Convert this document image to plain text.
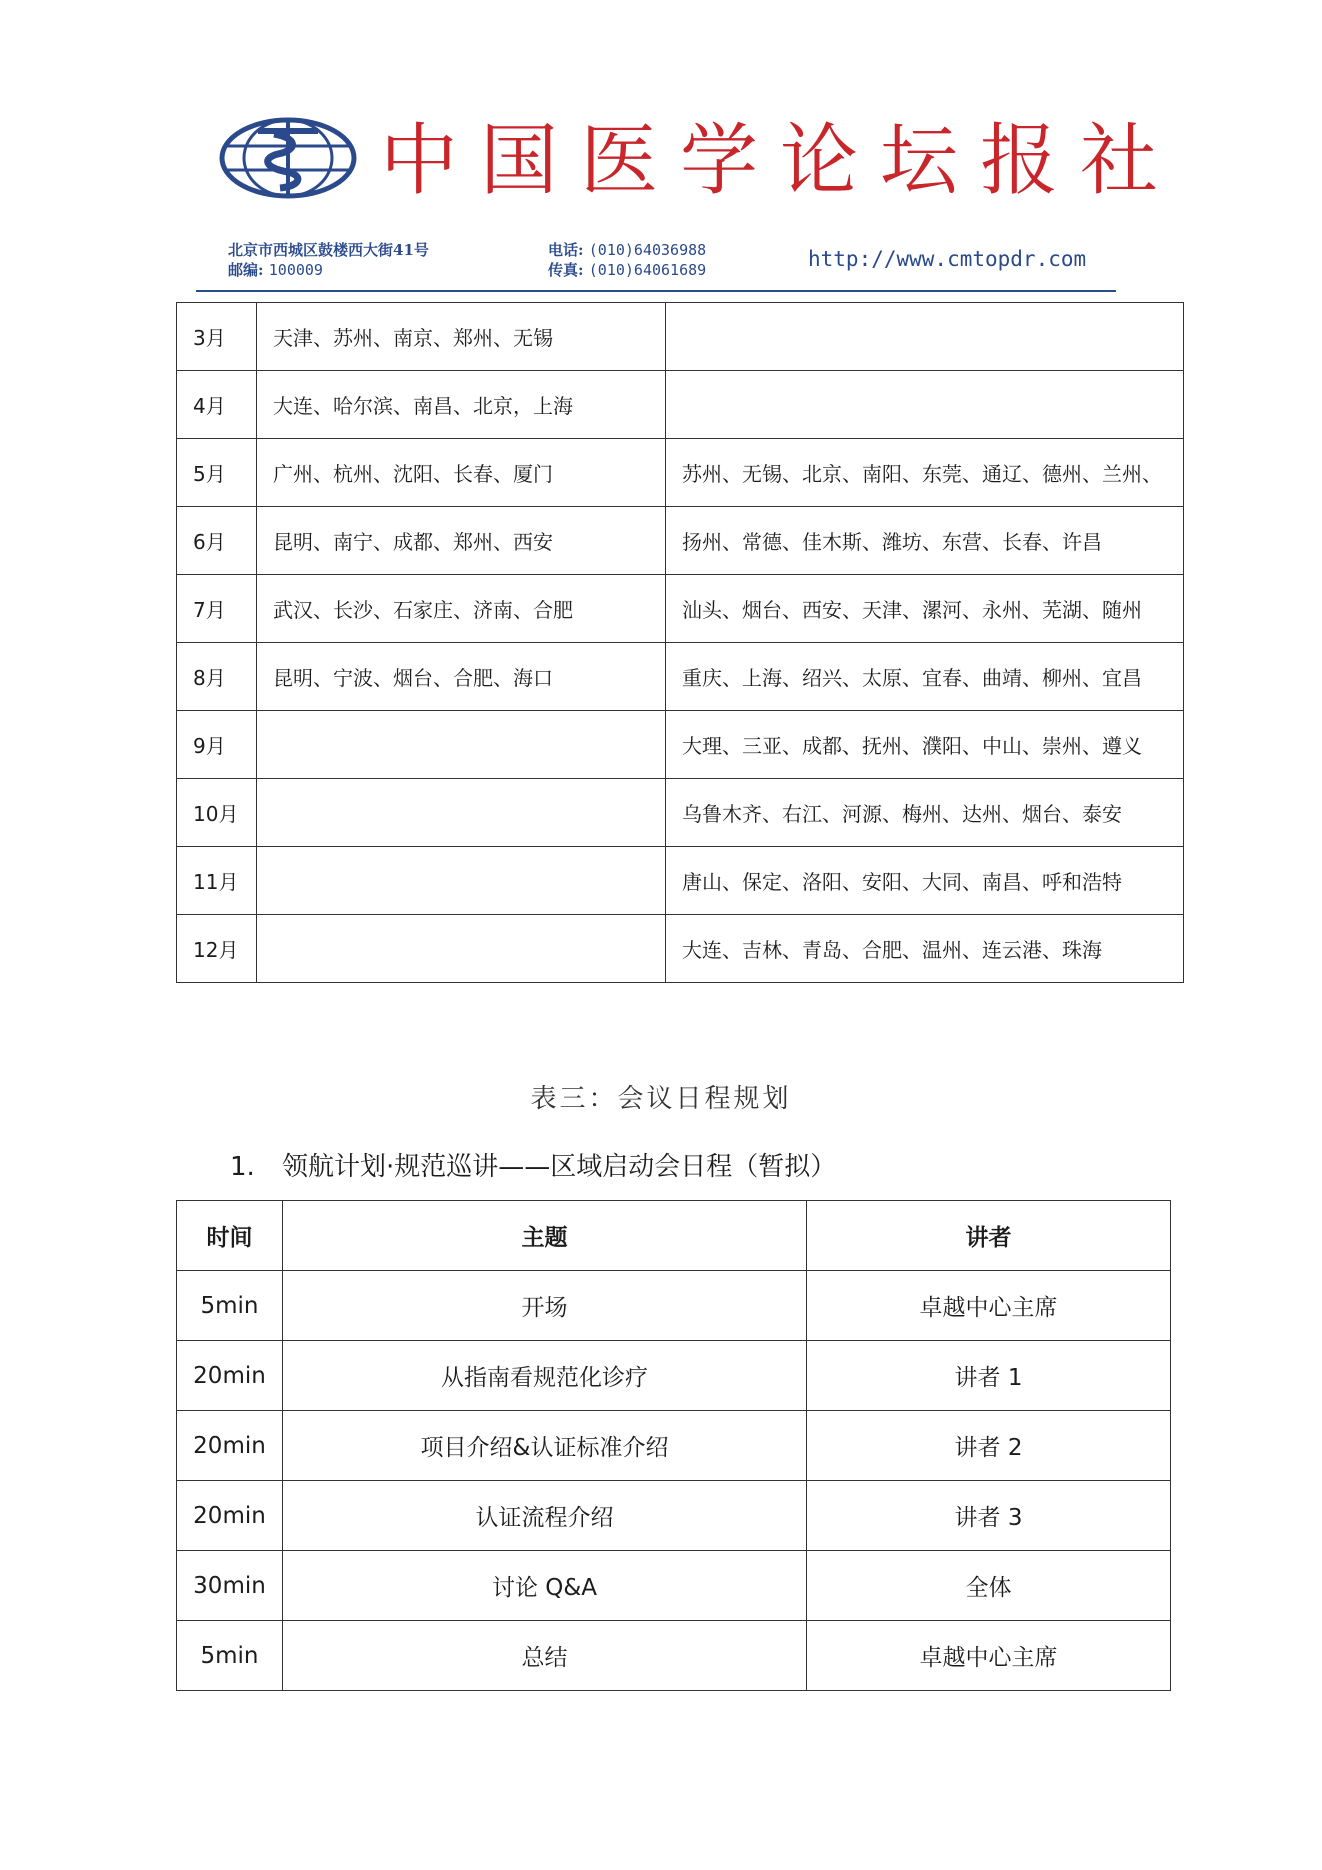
中国医学论坛报社
北京市西城区鼓楼西大街41号
邮编: 100009
电话: (010)64036988
传真: (010)64061689	http://www.cmtopdr.com
3月	天津、苏州、南京、郑州、无锡	
4月	大连、哈尔滨、南昌、北京，上海	
5月	广州、杭州、沈阳、长春、厦门	苏州、无锡、北京、南阳、东莞、通辽、德州、兰州、
6月	昆明、南宁、成都、郑州、西安	扬州、常德、佳木斯、潍坊、东营、长春、许昌
7月	武汉、长沙、石家庄、济南、合肥	汕头、烟台、西安、天津、漯河、永州、芜湖、随州
8月	昆明、宁波、烟台、合肥、海口	重庆、上海、绍兴、太原、宜春、曲靖、柳州、宜昌
9月		大理、三亚、成都、抚州、濮阳、中山、崇州、遵义
10月		乌鲁木齐、右江、河源、梅州、达州、烟台、泰安
11月		唐山、保定、洛阳、安阳、大同、南昌、呼和浩特
12月		大连、吉林、青岛、合肥、温州、连云港、珠海
表三：会议日程规划
1. 领航计划·规范巡讲——区域启动会日程（暂拟）
时间	主题	讲者
5min	开场	卓越中心主席
20min	从指南看规范化诊疗	讲者 1
20min	项目介绍&认证标准介绍	讲者 2
20min	认证流程介绍	讲者 3
30min	讨论 Q&A	全体
5min	总结	卓越中心主席
